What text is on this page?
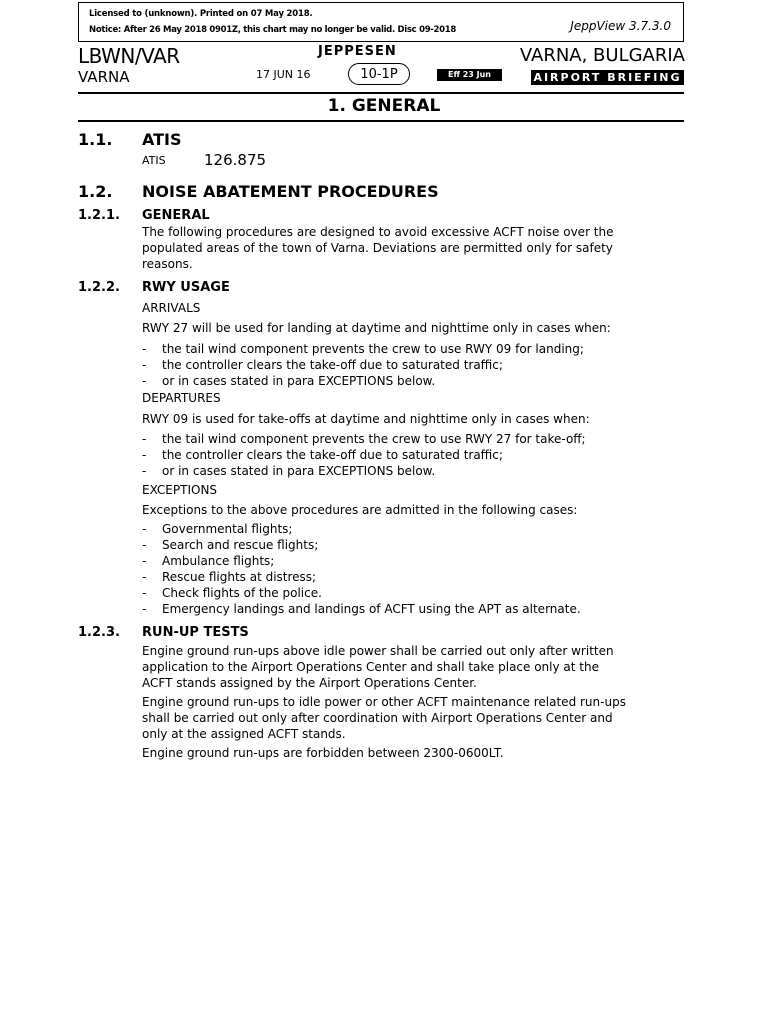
Licensed to (unknown). Printed on 07 May 2018.
Notice: After 26 May 2018 0901Z, this chart may no longer be valid. Disc 09-2018	JeppView 3.7.3.0
LBWN/VAR
VARNA
JEPPESEN
17 JUN 16	10-1P	Eff 23 Jun
VARNA, BULGARIA
AIRPORT BRIEFING
1. GENERAL
1.1. ATIS
ATIS	126.875
1.2. NOISE ABATEMENT PROCEDURES
1.2.1. GENERAL
The following procedures are designed to avoid excessive ACFT noise over the
populated areas of the town of Varna. Deviations are permitted only for safety
reasons.
1.2.2. RWY USAGE
ARRIVALS
RWY 27 will be used for landing at daytime and nighttime only in cases when:
- the tail wind component prevents the crew to use RWY 09 for landing;
- the controller clears the take-off due to saturated traffic;
- or in cases stated in para EXCEPTIONS below.
DEPARTURES
RWY 09 is used for take-offs at daytime and nighttime only in cases when:
- the tail wind component prevents the crew to use RWY 27 for take-off;
- the controller clears the take-off due to saturated traffic;
- or in cases stated in para EXCEPTIONS below.
EXCEPTIONS
Exceptions to the above procedures are admitted in the following cases:
- Governmental flights;
- Search and rescue flights;
- Ambulance flights;
- Rescue flights at distress;
- Check flights of the police.
- Emergency landings and landings of ACFT using the APT as alternate.
1.2.3. RUN-UP TESTS
Engine ground run-ups above idle power shall be carried out only after written
application to the Airport Operations Center and shall take place only at the
ACFT stands assigned by the Airport Operations Center.
Engine ground run-ups to idle power or other ACFT maintenance related run-ups
shall be carried out only after coordination with Airport Operations Center and
only at the assigned ACFT stands.
Engine ground run-ups are forbidden between 2300-0600LT.
